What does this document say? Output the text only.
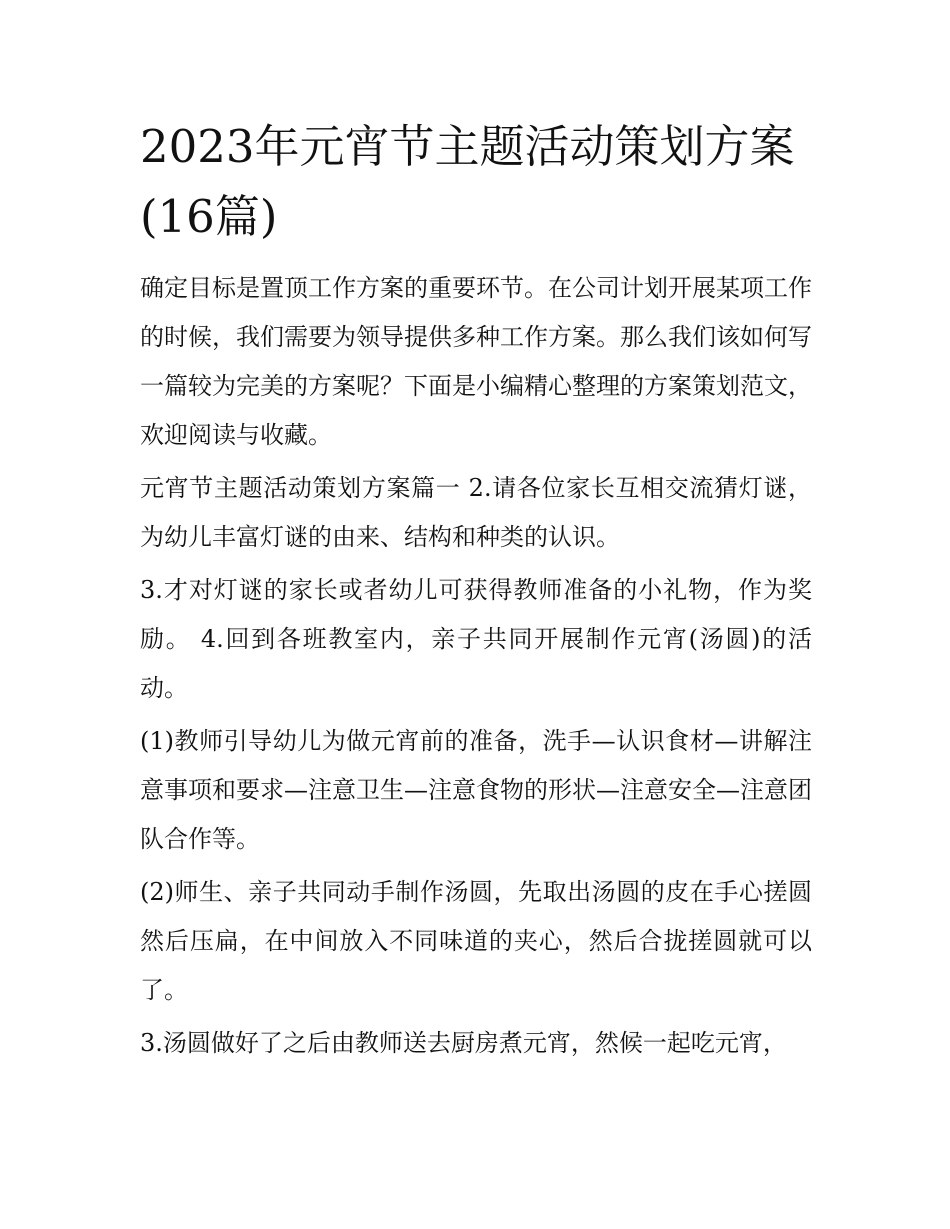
2023年元宵节主题活动策划方案(16篇)

确定目标是置顶工作方案的重要环节。在公司计划开展某项工作的时候，我们需要为领导提供多种工作方案。那么我们该如何写一篇较为完美的方案呢？下面是小编精心整理的方案策划范文，欢迎阅读与收藏。

元宵节主题活动策划方案篇一 2.请各位家长互相交流猜灯谜，为幼儿丰富灯谜的由来、结构和种类的认识。

3.才对灯谜的家长或者幼儿可获得教师准备的小礼物，作为奖励。 4.回到各班教室内，亲子共同开展制作元宵(汤圆)的活动。

(1)教师引导幼儿为做元宵前的准备，洗手—认识食材—讲解注意事项和要求—注意卫生—注意食物的形状—注意安全—注意团队合作等。

(2)师生、亲子共同动手制作汤圆，先取出汤圆的皮在手心搓圆然后压扁，在中间放入不同味道的夹心，然后合拢搓圆就可以了。

3.汤圆做好了之后由教师送去厨房煮元宵，然候一起吃元宵，
